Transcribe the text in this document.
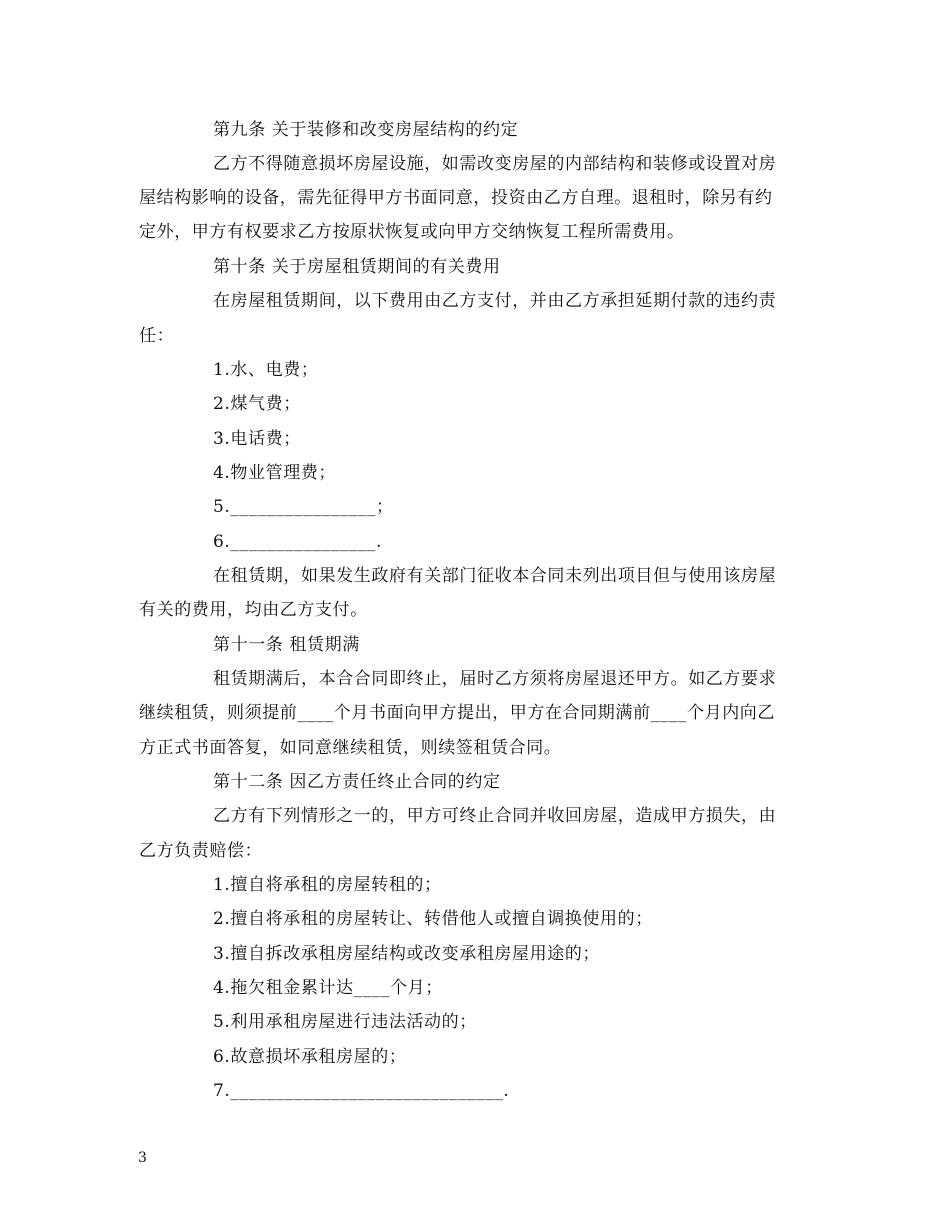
第九条 关于装修和改变房屋结构的约定
乙方不得随意损坏房屋设施，如需改变房屋的内部结构和装修或设置对房
屋结构影响的设备，需先征得甲方书面同意，投资由乙方自理。退租时，除另有约
定外，甲方有权要求乙方按原状恢复或向甲方交纳恢复工程所需费用。
第十条 关于房屋租赁期间的有关费用
在房屋租赁期间，以下费用由乙方支付，并由乙方承担延期付款的违约责
任：
1.水、电费；
2.煤气费；
3.电话费；
4.物业管理费；
5.________________；
6.________________.
在租赁期，如果发生政府有关部门征收本合同未列出项目但与使用该房屋
有关的费用，均由乙方支付。
第十一条 租赁期满
租赁期满后，本合合同即终止，届时乙方须将房屋退还甲方。如乙方要求
继续租赁，则须提前____个月书面向甲方提出，甲方在合同期满前____个月内向乙
方正式书面答复，如同意继续租赁，则续签租赁合同。
第十二条 因乙方责任终止合同的约定
乙方有下列情形之一的，甲方可终止合同并收回房屋，造成甲方损失，由
乙方负责赔偿：
1.擅自将承租的房屋转租的；
2.擅自将承租的房屋转让、转借他人或擅自调换使用的；
3.擅自拆改承租房屋结构或改变承租房屋用途的；
4.拖欠租金累计达____个月；
5.利用承租房屋进行违法活动的；
6.故意损坏承租房屋的；
7.______________________________.
3
